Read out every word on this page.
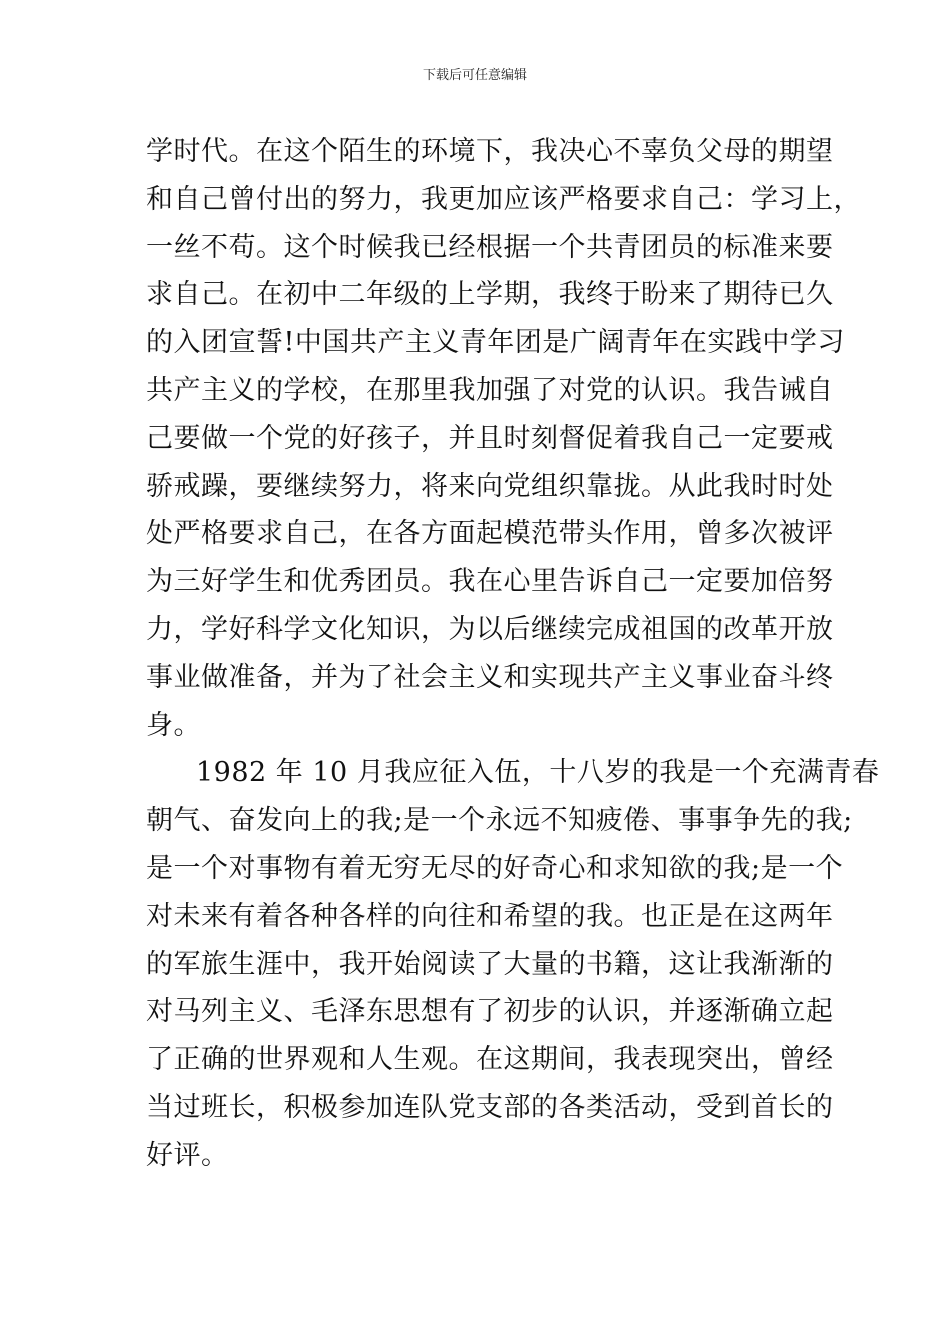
下载后可任意编辑
学时代。在这个陌生的环境下，我决心不辜负父母的期望
和自己曾付出的努力，我更加应该严格要求自己：学习上，
一丝不苟。这个时候我已经根据一个共青团员的标准来要
求自己。在初中二年级的上学期，我终于盼来了期待已久
的入团宣誓!中国共产主义青年团是广阔青年在实践中学习
共产主义的学校，在那里我加强了对党的认识。我告诫自
己要做一个党的好孩子，并且时刻督促着我自己一定要戒
骄戒躁，要继续努力，将来向党组织靠拢。从此我时时处
处严格要求自己，在各方面起模范带头作用，曾多次被评
为三好学生和优秀团员。我在心里告诉自己一定要加倍努
力，学好科学文化知识，为以后继续完成祖国的改革开放
事业做准备，并为了社会主义和实现共产主义事业奋斗终
身。
1982 年 10 月我应征入伍，十八岁的我是一个充满青春
朝气、奋发向上的我;是一个永远不知疲倦、事事争先的我;
是一个对事物有着无穷无尽的好奇心和求知欲的我;是一个
对未来有着各种各样的向往和希望的我。也正是在这两年
的军旅生涯中，我开始阅读了大量的书籍，这让我渐渐的
对马列主义、毛泽东思想有了初步的认识，并逐渐确立起
了正确的世界观和人生观。在这期间，我表现突出，曾经
当过班长，积极参加连队党支部的各类活动，受到首长的
好评。
